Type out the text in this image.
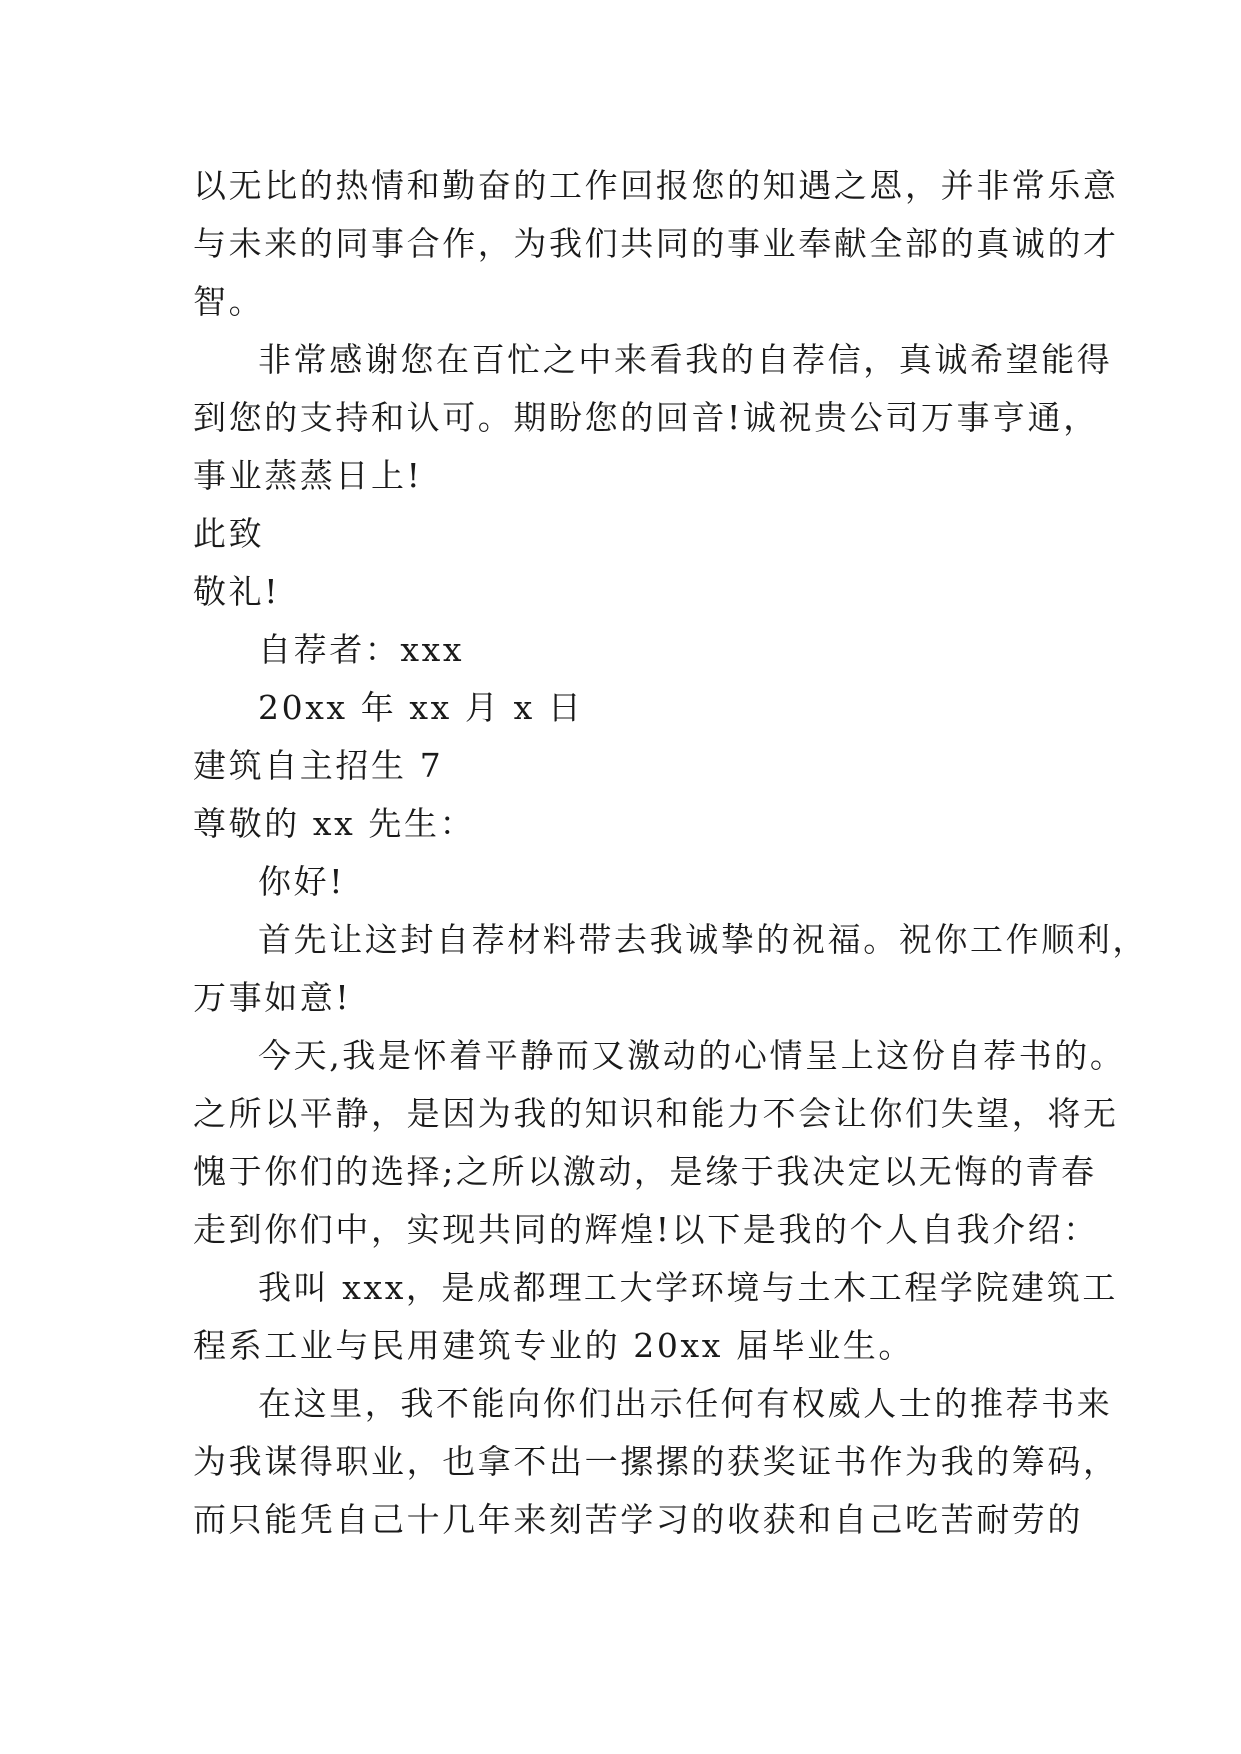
以无比的热情和勤奋的工作回报您的知遇之恩，并非常乐意
与未来的同事合作，为我们共同的事业奉献全部的真诚的才
智。
非常感谢您在百忙之中来看我的自荐信，真诚希望能得
到您的支持和认可。期盼您的回音!诚祝贵公司万事亨通，
事业蒸蒸日上!
此致
敬礼!
自荐者：xxx
20xx 年 xx 月 x 日
建筑自主招生 7
尊敬的 xx 先生：
你好!
首先让这封自荐材料带去我诚挚的祝福。祝你工作顺利，
万事如意!
今天,我是怀着平静而又激动的心情呈上这份自荐书的。
之所以平静，是因为我的知识和能力不会让你们失望，将无
愧于你们的选择;之所以激动，是缘于我决定以无悔的青春
走到你们中，实现共同的辉煌!以下是我的个人自我介绍：
我叫 xxx，是成都理工大学环境与土木工程学院建筑工
程系工业与民用建筑专业的 20xx 届毕业生。
在这里，我不能向你们出示任何有权威人士的推荐书来
为我谋得职业，也拿不出一摞摞的获奖证书作为我的筹码，
而只能凭自己十几年来刻苦学习的收获和自己吃苦耐劳的
